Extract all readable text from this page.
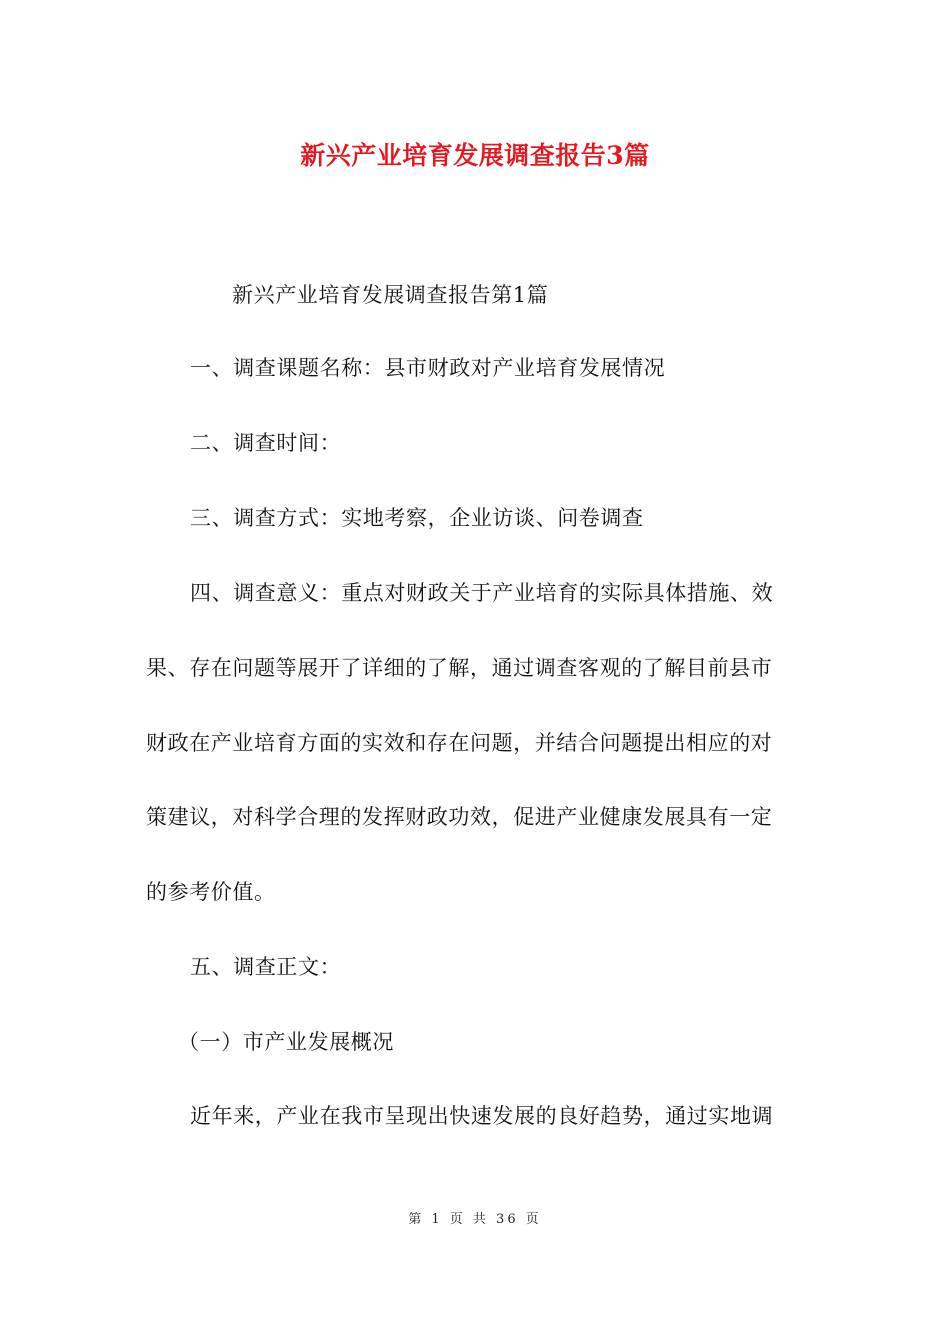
新兴产业培育发展调查报告3篇
新兴产业培育发展调查报告第1篇
一、调查课题名称：县市财政对产业培育发展情况
二、调查时间：
三、调查方式：实地考察，企业访谈、问卷调查
四、调查意义：重点对财政关于产业培育的实际具体措施、效
果、存在问题等展开了详细的了解，通过调查客观的了解目前县市
财政在产业培育方面的实效和存在问题，并结合问题提出相应的对
策建议，对科学合理的发挥财政功效，促进产业健康发展具有一定
的参考价值。
五、调查正文：
（一）市产业发展概况
近年来，产业在我市呈现出快速发展的良好趋势，通过实地调
第 1 页 共 36 页
